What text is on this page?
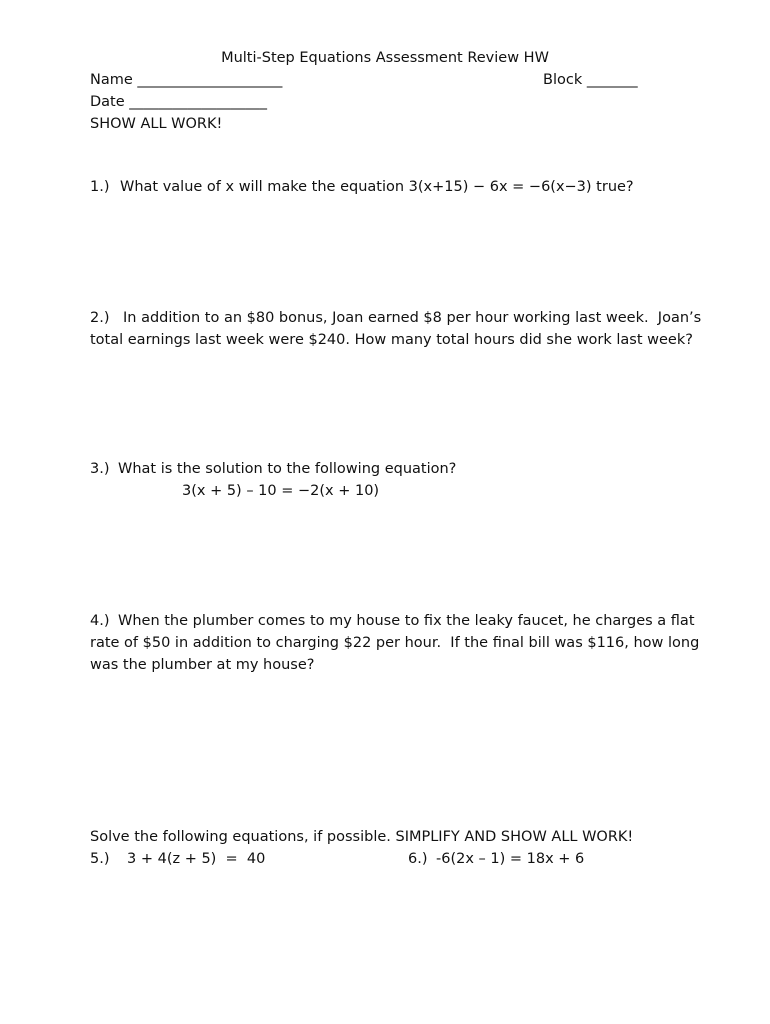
Multi-Step Equations Assessment Review HW
Name ____________________	Block _______
Date ___________________
SHOW ALL WORK!
1.) What value of x will make the equation 3(x+15) − 6x = −6(x−3) true?
2.) In addition to an $80 bonus, Joan earned $8 per hour working last week.  Joan’s
total earnings last week were $240. How many total hours did she work last week?
3.) What is the solution to the following equation?
3(x + 5) – 10 = −2(x + 10)
4.) When the plumber comes to my house to fix the leaky faucet, he charges a flat
rate of $50 in addition to charging $22 per hour.  If the final bill was $116, how long
was the plumber at my house?
Solve the following equations, if possible. SIMPLIFY AND SHOW ALL WORK!
5.) 3 + 4(z + 5)  =  40	6.) -6(2x – 1) = 18x + 6
